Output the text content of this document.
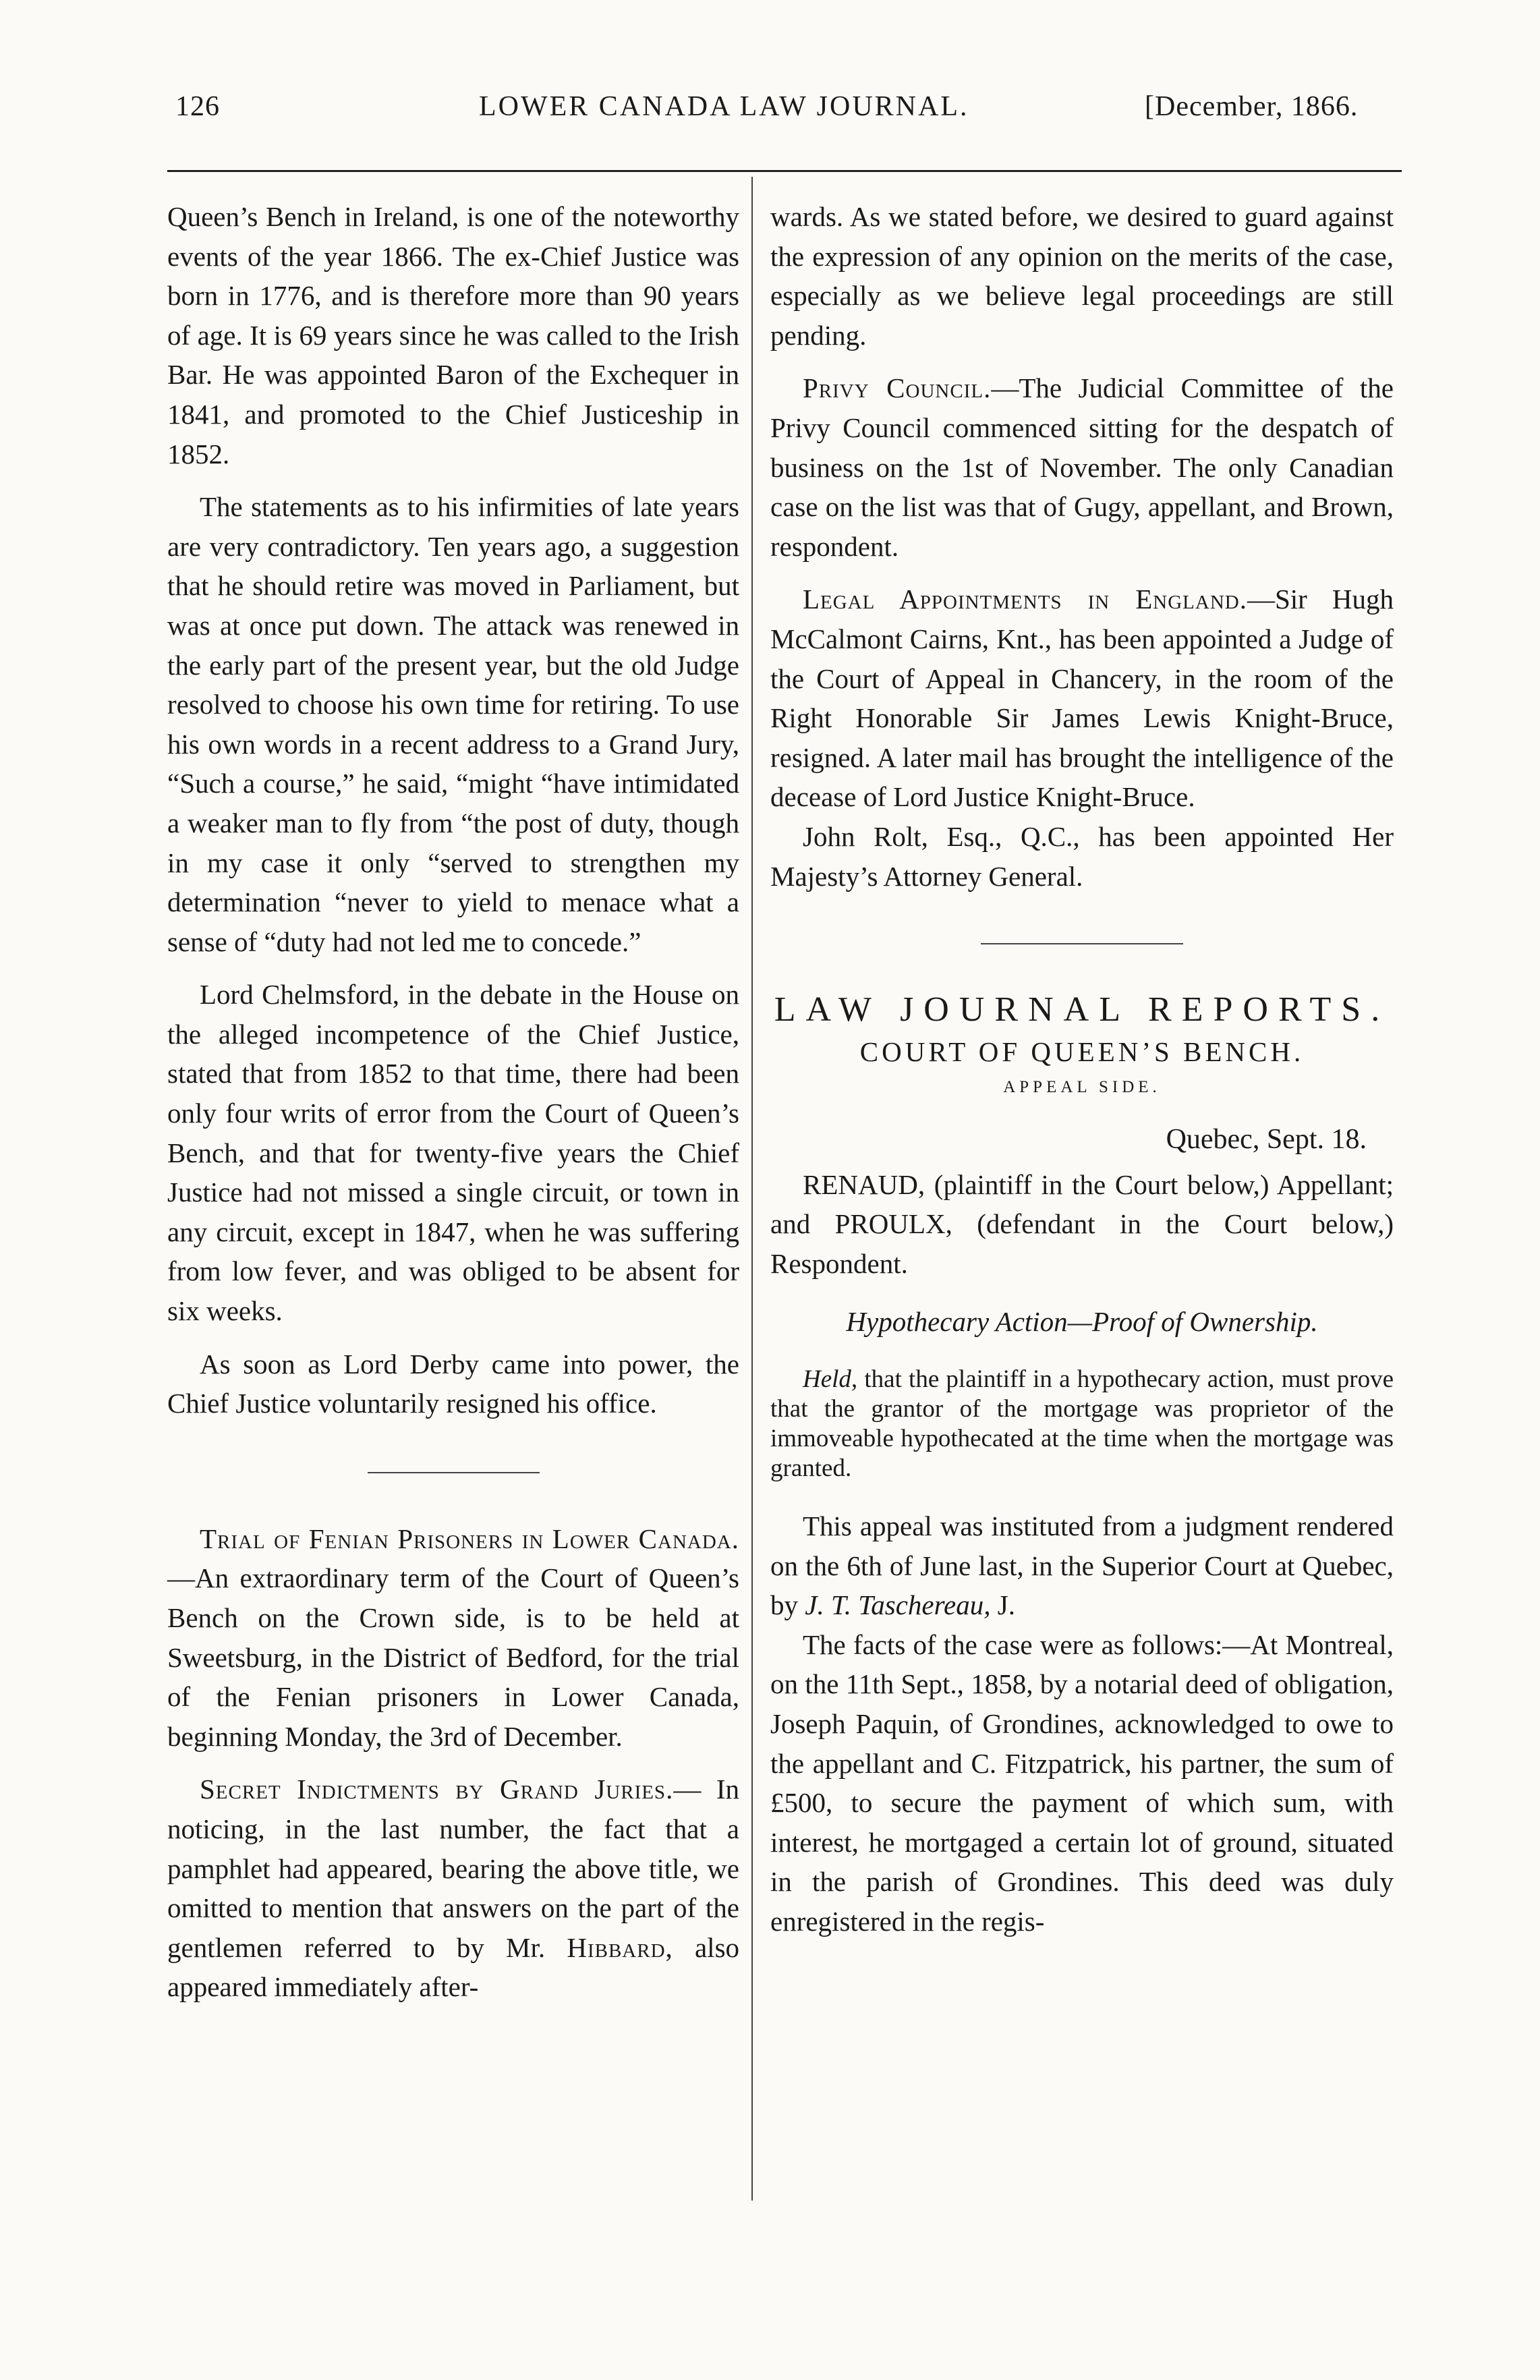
126	LOWER CANADA LAW JOURNAL.	[December, 1866.

Queen’s Bench in Ireland, is one of the noteworthy events of the year 1866. The ex-Chief Justice was born in 1776, and is therefore more than 90 years of age. It is 69 years since he was called to the Irish Bar. He was appointed Baron of the Exchequer in 1841, and promoted to the Chief Justiceship in 1852.

The statements as to his infirmities of late years are very contradictory. Ten years ago, a suggestion that he should retire was moved in Parliament, but was at once put down. The attack was renewed in the early part of the present year, but the old Judge resolved to choose his own time for retiring. To use his own words in a recent address to a Grand Jury, “Such a course,” he said, “might “have intimidated a weaker man to fly from “the post of duty, though in my case it only “served to strengthen my determination “never to yield to menace what a sense of “duty had not led me to concede.”

Lord Chelmsford, in the debate in the House on the alleged incompetence of the Chief Justice, stated that from 1852 to that time, there had been only four writs of error from the Court of Queen’s Bench, and that for twenty-five years the Chief Justice had not missed a single circuit, or town in any circuit, except in 1847, when he was suffering from low fever, and was obliged to be absent for six weeks.

As soon as Lord Derby came into power, the Chief Justice voluntarily resigned his office.

Trial of Fenian Prisoners in Lower Canada.—An extraordinary term of the Court of Queen’s Bench on the Crown side, is to be held at Sweetsburg, in the District of Bedford, for the trial of the Fenian prisoners in Lower Canada, beginning Monday, the 3rd of December.

Secret Indictments by Grand Juries.— In noticing, in the last number, the fact that a pamphlet had appeared, bearing the above title, we omitted to mention that answers on the part of the gentlemen referred to by Mr. Hibbard, also appeared immediately after-

wards. As we stated before, we desired to guard against the expression of any opinion on the merits of the case, especially as we believe legal proceedings are still pending.

Privy Council.—The Judicial Committee of the Privy Council commenced sitting for the despatch of business on the 1st of November. The only Canadian case on the list was that of Gugy, appellant, and Brown, respondent.

Legal Appointments in England.—Sir Hugh McCalmont Cairns, Knt., has been appointed a Judge of the Court of Appeal in Chancery, in the room of the Right Honorable Sir James Lewis Knight-Bruce, resigned. A later mail has brought the intelligence of the decease of Lord Justice Knight-Bruce.

John Rolt, Esq., Q.C., has been appointed Her Majesty’s Attorney General.

LAW JOURNAL REPORTS.

COURT OF QUEEN’S BENCH.

APPEAL SIDE.

Quebec, Sept. 18.

RENAUD, (plaintiff in the Court below,) Appellant; and PROULX, (defendant in the Court below,) Respondent.

Hypothecary Action—Proof of Ownership.

Held, that the plaintiff in a hypothecary action, must prove that the grantor of the mortgage was proprietor of the immoveable hypothecated at the time when the mortgage was granted.

This appeal was instituted from a judgment rendered on the 6th of June last, in the Superior Court at Quebec, by J. T. Taschereau, J.

The facts of the case were as follows:—At Montreal, on the 11th Sept., 1858, by a notarial deed of obligation, Joseph Paquin, of Grondines, acknowledged to owe to the appellant and C. Fitzpatrick, his partner, the sum of £500, to secure the payment of which sum, with interest, he mortgaged a certain lot of ground, situated in the parish of Grondines. This deed was duly enregistered in the regis-
